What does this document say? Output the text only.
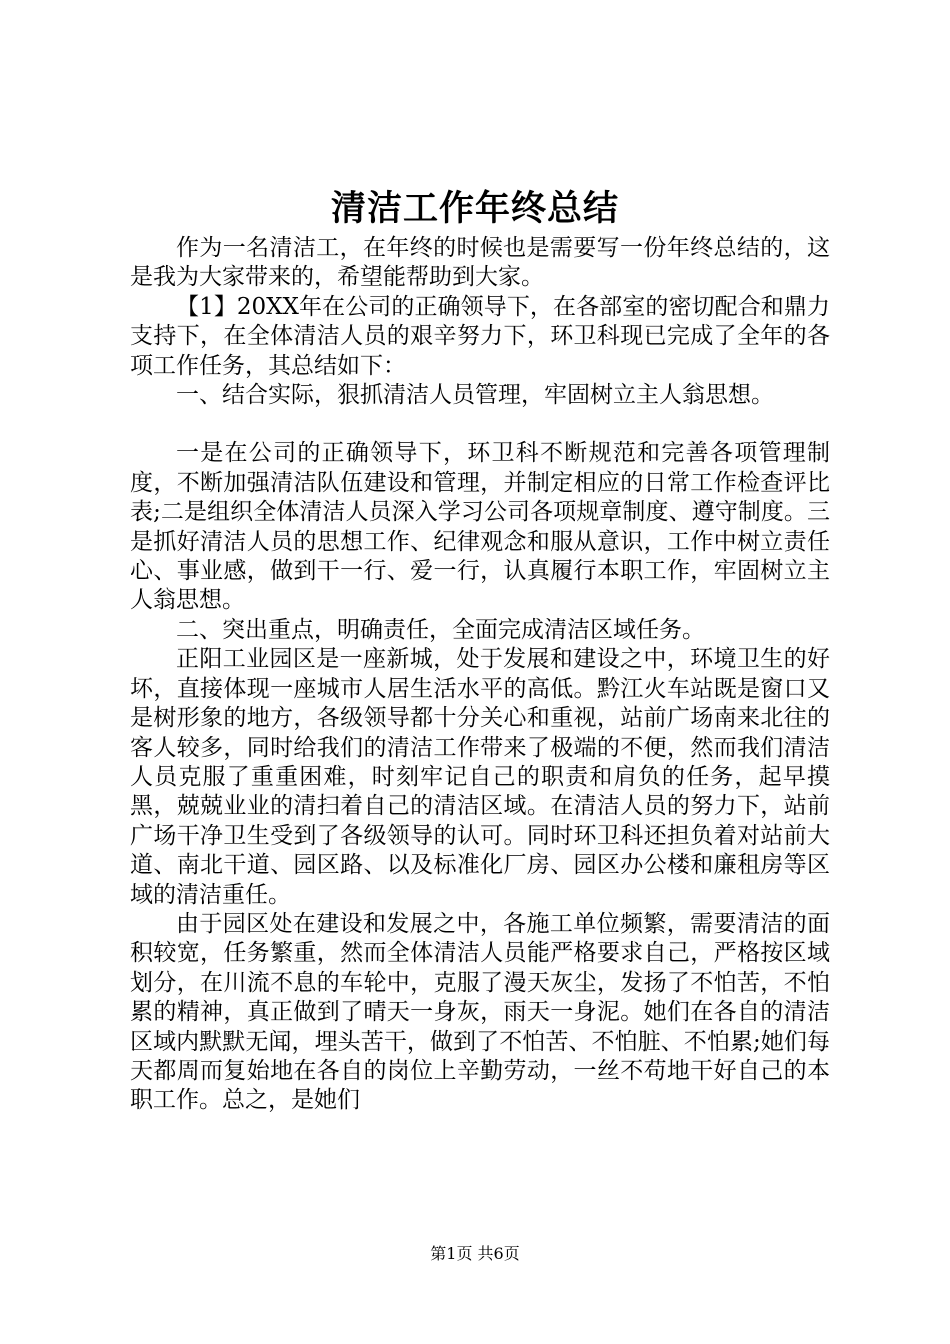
清洁工作年终总结

作为一名清洁工，在年终的时候也是需要写一份年终总结的，这是我为大家带来的，希望能帮助到大家。

【1】20XX年在公司的正确领导下，在各部室的密切配合和鼎力支持下，在全体清洁人员的艰辛努力下，环卫科现已完成了全年的各项工作任务，其总结如下：

一、结合实际，狠抓清洁人员管理，牢固树立主人翁思想。

一是在公司的正确领导下，环卫科不断规范和完善各项管理制度，不断加强清洁队伍建设和管理，并制定相应的日常工作检查评比表;二是组织全体清洁人员深入学习公司各项规章制度、遵守制度。三是抓好清洁人员的思想工作、纪律观念和服从意识，工作中树立责任心、事业感，做到干一行、爱一行，认真履行本职工作，牢固树立主人翁思想。

二、突出重点，明确责任，全面完成清洁区域任务。

正阳工业园区是一座新城，处于发展和建设之中，环境卫生的好坏，直接体现一座城市人居生活水平的高低。黔江火车站既是窗口又是树形象的地方，各级领导都十分关心和重视，站前广场南来北往的客人较多，同时给我们的清洁工作带来了极端的不便，然而我们清洁人员克服了重重困难，时刻牢记自己的职责和肩负的任务，起早摸黑，兢兢业业的清扫着自己的清洁区域。在清洁人员的努力下，站前广场干净卫生受到了各级领导的认可。同时环卫科还担负着对站前大道、南北干道、园区路、以及标准化厂房、园区办公楼和廉租房等区域的清洁重任。

由于园区处在建设和发展之中，各施工单位频繁，需要清洁的面积较宽，任务繁重，然而全体清洁人员能严格要求自己，严格按区域划分，在川流不息的车轮中，克服了漫天灰尘，发扬了不怕苦，不怕累的精神，真正做到了晴天一身灰，雨天一身泥。她们在各自的清洁区域内默默无闻，埋头苦干，做到了不怕苦、不怕脏、不怕累;她们每天都周而复始地在各自的岗位上辛勤劳动，一丝不苟地干好自己的本职工作。总之，是她们

第1页 共6页
